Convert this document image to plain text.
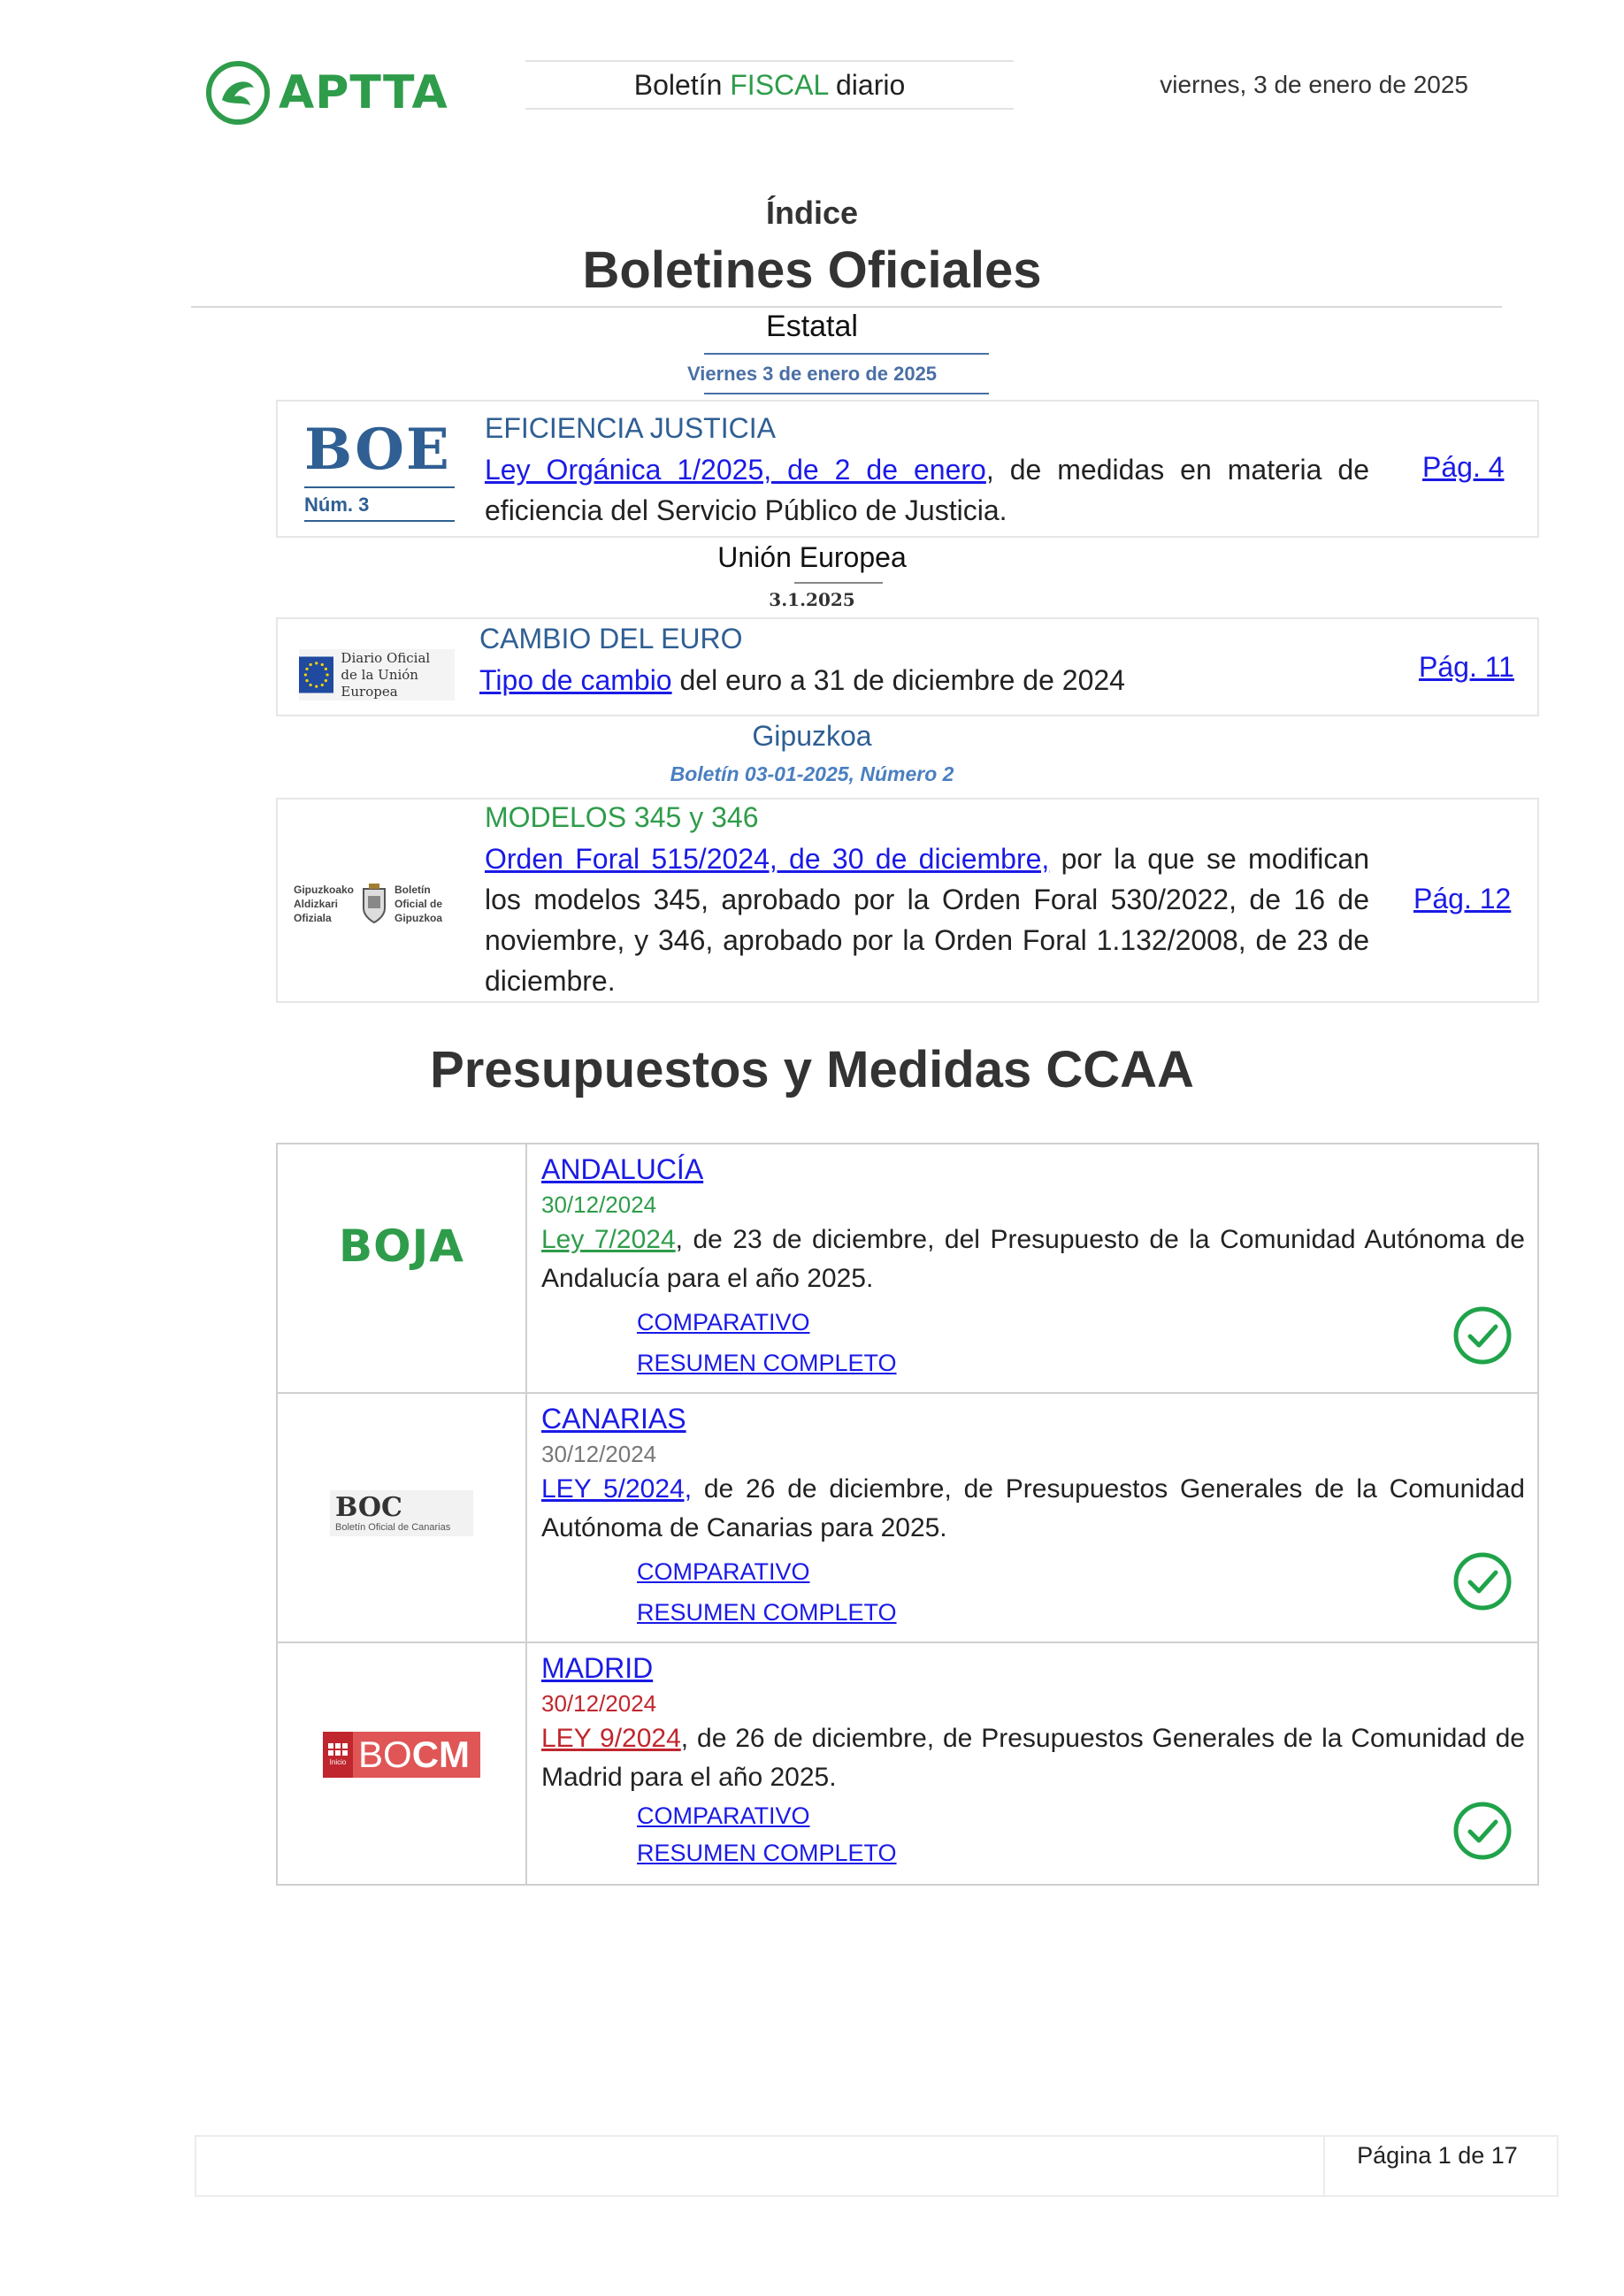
APTTA	Boletín FISCAL diario	viernes, 3 de enero de 2025
Índice
Boletines Oficiales
Estatal
Viernes 3 de enero de 2025
BOE
Núm. 3
EFICIENCIA JUSTICIA
Ley Orgánica 1/2025, de 2 de enero, de medidas en materia de eficiencia del Servicio Público de Justicia.
Pág. 4
Unión Europea
3.1.2025
Diario Oficial
de la Unión Europea
CAMBIO DEL EURO
Tipo de cambio del euro a 31 de diciembre de 2024	Pág. 11
Gipuzkoa
Boletín 03-01-2025, Número 2
Gipuzkoako
Aldizkari
Ofiziala
Boletín
Oficial de
Gipuzkoa
MODELOS 345 y 346
Orden Foral 515/2024, de 30 de diciembre, por la que se modifican los modelos 345, aprobado por la Orden Foral 530/2022, de 16 de noviembre, y 346, aprobado por la Orden Foral 1.132/2008, de 23 de diciembre.
Pág. 12
Presupuestos y Medidas CCAA
BOJA
ANDALUCÍA
30/12/2024
Ley 7/2024, de 23 de diciembre, del Presupuesto de la Comunidad Autónoma de Andalucía para el año 2025.
COMPARATIVO
RESUMEN COMPLETO
BOC
Boletín Oficial de Canarias
CANARIAS
30/12/2024
LEY 5/2024, de 26 de diciembre, de Presupuestos Generales de la Comunidad Autónoma de Canarias para 2025.
COMPARATIVO
RESUMEN COMPLETO
Inicio BOCM
MADRID
30/12/2024
LEY 9/2024, de 26 de diciembre, de Presupuestos Generales de la Comunidad de Madrid para el año 2025.
COMPARATIVO
RESUMEN COMPLETO
Página 1 de 17
